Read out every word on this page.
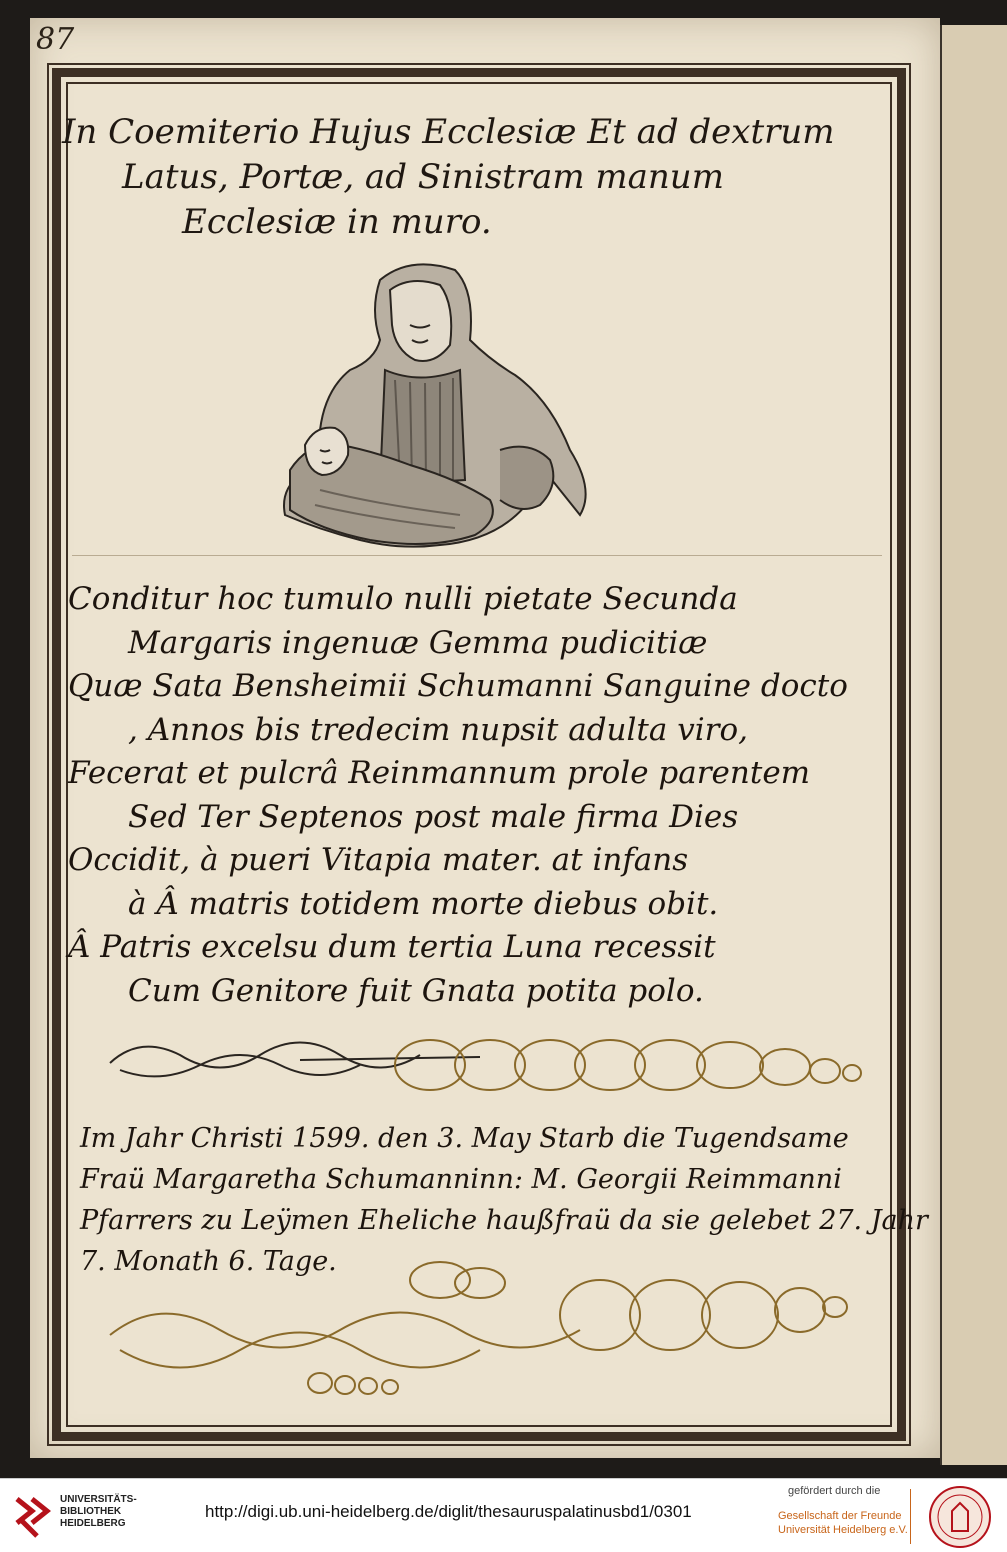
87
In Coemiterio Hujus Ecclesiæ Et ad dextrum
Latus, Portæ, ad Sinistram manum
Ecclesiæ in muro.
Conditur hoc tumulo nulli pietate Secunda
Margaris ingenuæ Gemma pudicitiæ
Quæ Sata Bensheimii Schumanni Sanguine docto
, Annos bis tredecim nupsit adulta viro,
Fecerat et pulcrâ Reinmannum prole parentem
Sed Ter Septenos post male firma Dies
Occidit, à pueri Vitapia mater. at infans
à Â matris totidem morte diebus obit.
Â Patris excelsu dum tertia Luna recessit
Cum Genitore fuit Gnata potita polo.
Im Jahr Christi 1599. den 3. May Starb die Tugendsame
Fraü Margaretha Schumanninn: M. Georgii Reimmanni
Pfarrers zu Leÿmen Eheliche haußfraü da sie gelebet 27. Jahr
7. Monath 6. Tage.
UNIVERSITÄTS-
BIBLIOTHEK
HEIDELBERG
http://digi.ub.uni-heidelberg.de/diglit/thesauruspalatinusbd1/0301
gefördert durch die
Gesellschaft der Freunde
Universität Heidelberg e.V.
